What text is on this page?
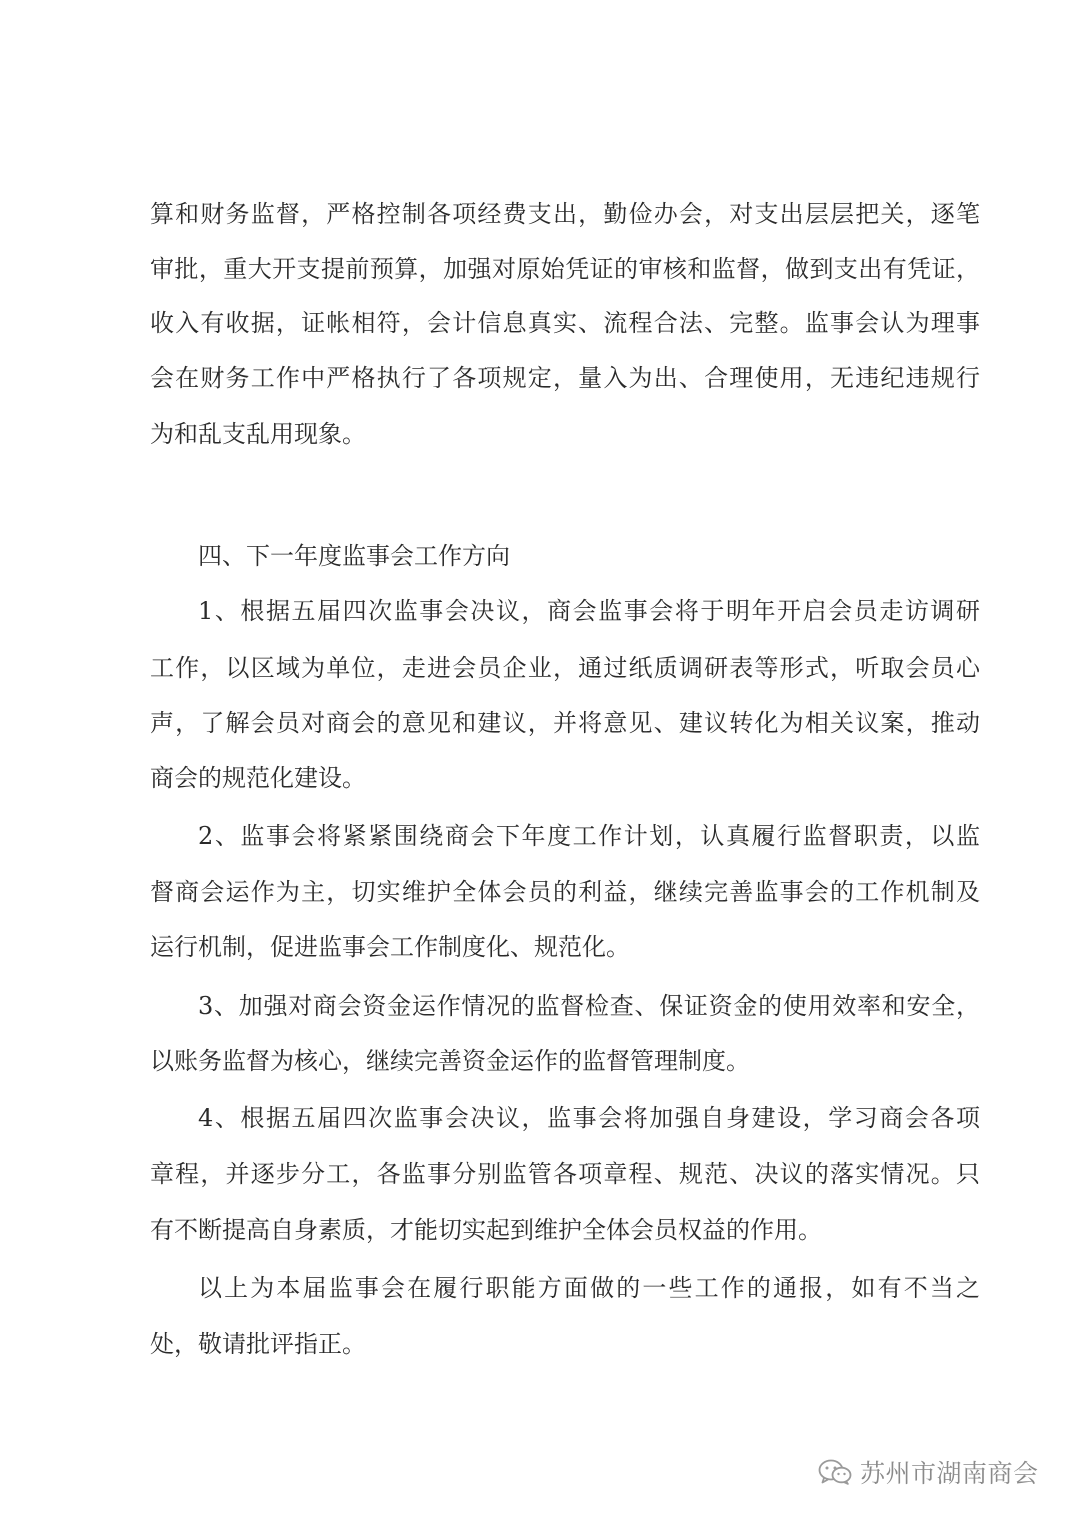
算和财务监督，严格控制各项经费支出，勤俭办会，对支出层层把关，逐笔
审批，重大开支提前预算，加强对原始凭证的审核和监督，做到支出有凭证，
收入有收据，证帐相符，会计信息真实、流程合法、完整。监事会认为理事
会在财务工作中严格执行了各项规定，量入为出、合理使用，无违纪违规行
为和乱支乱用现象。
四、下一年度监事会工作方向
1、根据五届四次监事会决议，商会监事会将于明年开启会员走访调研
工作，以区域为单位，走进会员企业，通过纸质调研表等形式，听取会员心
声，了解会员对商会的意见和建议，并将意见、建议转化为相关议案，推动
商会的规范化建设。
2、监事会将紧紧围绕商会下年度工作计划，认真履行监督职责，以监
督商会运作为主，切实维护全体会员的利益，继续完善监事会的工作机制及
运行机制，促进监事会工作制度化、规范化。
3、加强对商会资金运作情况的监督检查、保证资金的使用效率和安全，
以账务监督为核心，继续完善资金运作的监督管理制度。
4、根据五届四次监事会决议，监事会将加强自身建设，学习商会各项
章程，并逐步分工，各监事分别监管各项章程、规范、决议的落实情况。只
有不断提高自身素质，才能切实起到维护全体会员权益的作用。
以上为本届监事会在履行职能方面做的一些工作的通报，如有不当之
处，敬请批评指正。
苏州市湖南商会
